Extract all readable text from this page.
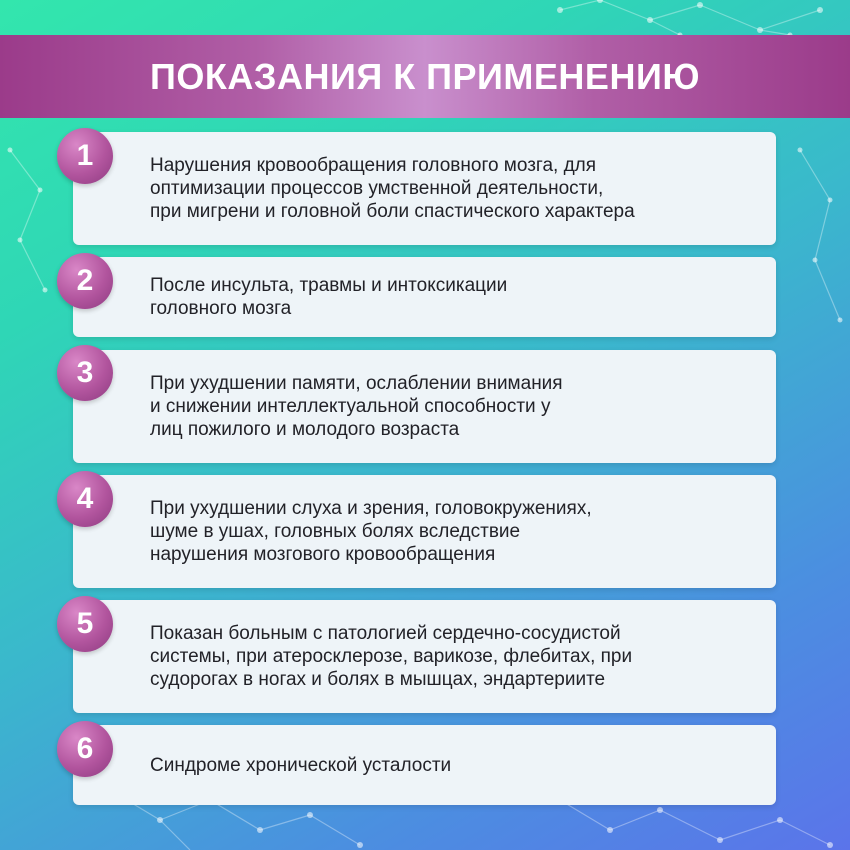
ПОКАЗАНИЯ К ПРИМЕНЕНИЮ
Нарушения кровообращения головного мозга, для
оптимизации процессов умственной деятельности,
при мигрени и головной боли спастического характера
1
После инсульта, травмы и интоксикации
головного мозга
2
При ухудшении памяти, ослаблении внимания
и снижении интеллектуальной способности у
лиц пожилого и молодого возраста
3
При ухудшении слуха и зрения, головокружениях,
шуме в ушах, головных болях вследствие
нарушения мозгового кровообращения
4
Показан больным с патологией сердечно-сосудистой
системы, при атеросклерозе, варикозе, флебитах, при
судорогах в ногах и болях в мышцах, эндартериите
5
Синдроме хронической усталости
6
